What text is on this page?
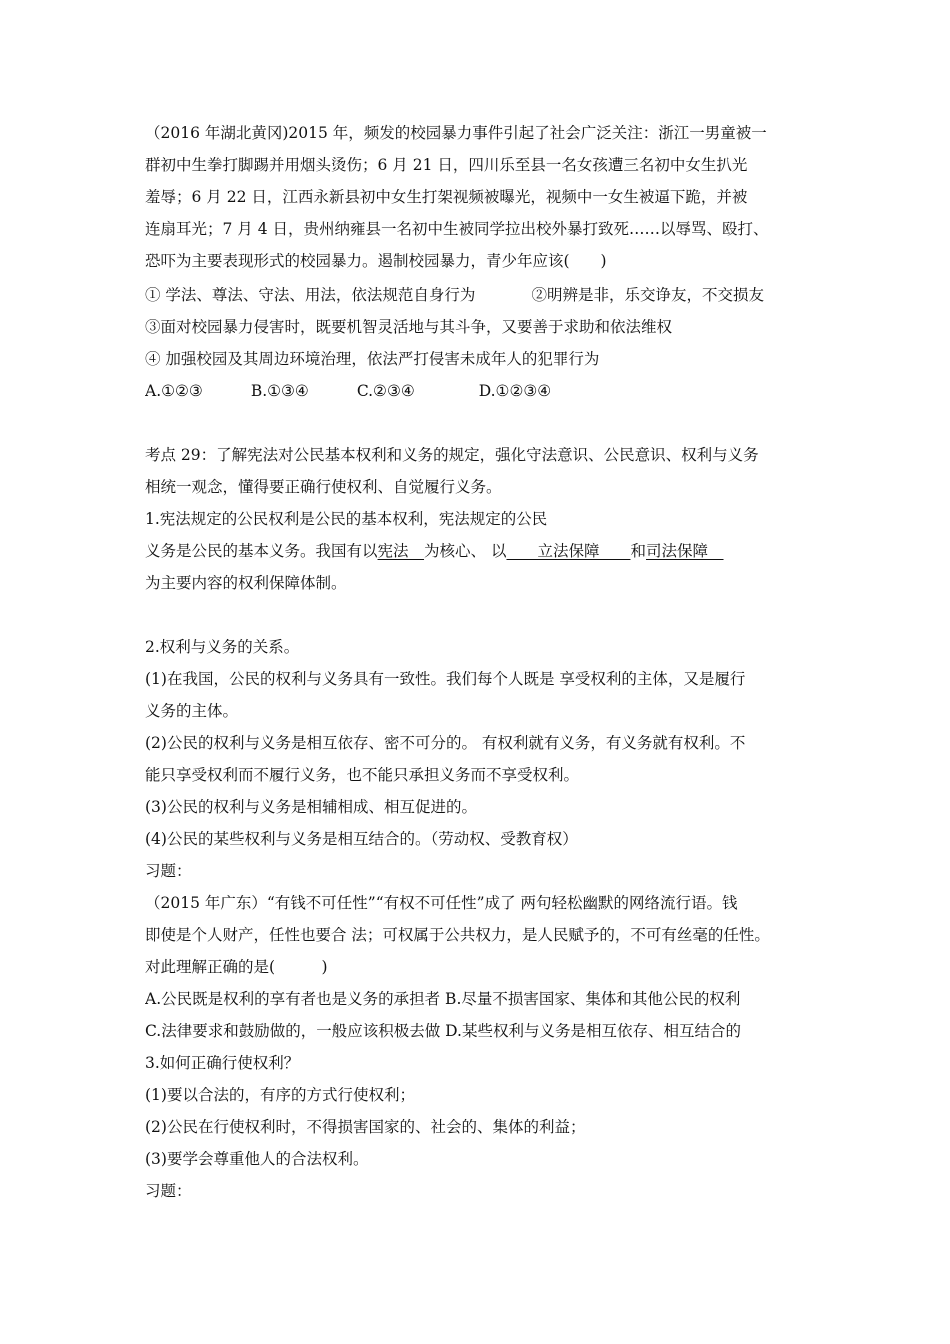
（2016 年湖北黄冈)2015 年，频发的校园暴力事件引起了社会广泛关注：浙江一男童被一
群初中生拳打脚踢并用烟头烫伤；6 月 21 日，四川乐至县一名女孩遭三名初中女生扒光
羞辱；6 月 22 日，江西永新县初中女生打架视频被曝光，视频中一女生被逼下跪，并被
连扇耳光；7 月 4 日，贵州纳雍县一名初中生被同学拉出校外暴打致死……以辱骂、殴打、
恐吓为主要表现形式的校园暴力。遏制校园暴力，青少年应该(　　)
① 学法、尊法、守法、用法，依法规范自身行为	②明辨是非，乐交诤友，不交损友
③面对校园暴力侵害时，既要机智灵活地与其斗争，又要善于求助和依法维权
④ 加强校园及其周边环境治理，依法严打侵害未成年人的犯罪行为
A.①②③	B.①③④	C.②③④	D.①②③④
考点 29：了解宪法对公民基本权利和义务的规定，强化守法意识、公民意识、权利与义务
相统一观念，懂得要正确行使权利、自觉履行义务。
1.宪法规定的公民权利是公民的基本权利，宪法规定的公民
义务是公民的基本义务。我国有以宪法　为核心、 以　　立法保障　　和司法保障　
为主要内容的权利保障体制。
2.权利与义务的关系。
(1)在我国，公民的权利与义务具有一致性。我们每个人既是 享受权利的主体，又是履行
义务的主体。
(2)公民的权利与义务是相互依存、密不可分的。 有权利就有义务，有义务就有权利。不
能只享受权利而不履行义务，也不能只承担义务而不享受权利。
(3)公民的权利与义务是相辅相成、相互促进的。
(4)公民的某些权利与义务是相互结合的。（劳动权、受教育权）
习题：
（2015 年广东）“有钱不可任性”“有权不可任性”成了 两句轻松幽默的网络流行语。钱
即使是个人财产，任性也要合 法；可权属于公共权力，是人民赋予的，不可有丝毫的任性。
对此理解正确的是(　　　)
A.公民既是权利的享有者也是义务的承担者 B.尽量不损害国家、集体和其他公民的权利
C.法律要求和鼓励做的，一般应该积极去做 D.某些权利与义务是相互依存、相互结合的
3.如何正确行使权利？
(1)要以合法的，有序的方式行使权利；
(2)公民在行使权利时，不得损害国家的、社会的、集体的利益；
(3)要学会尊重他人的合法权利。
习题：
